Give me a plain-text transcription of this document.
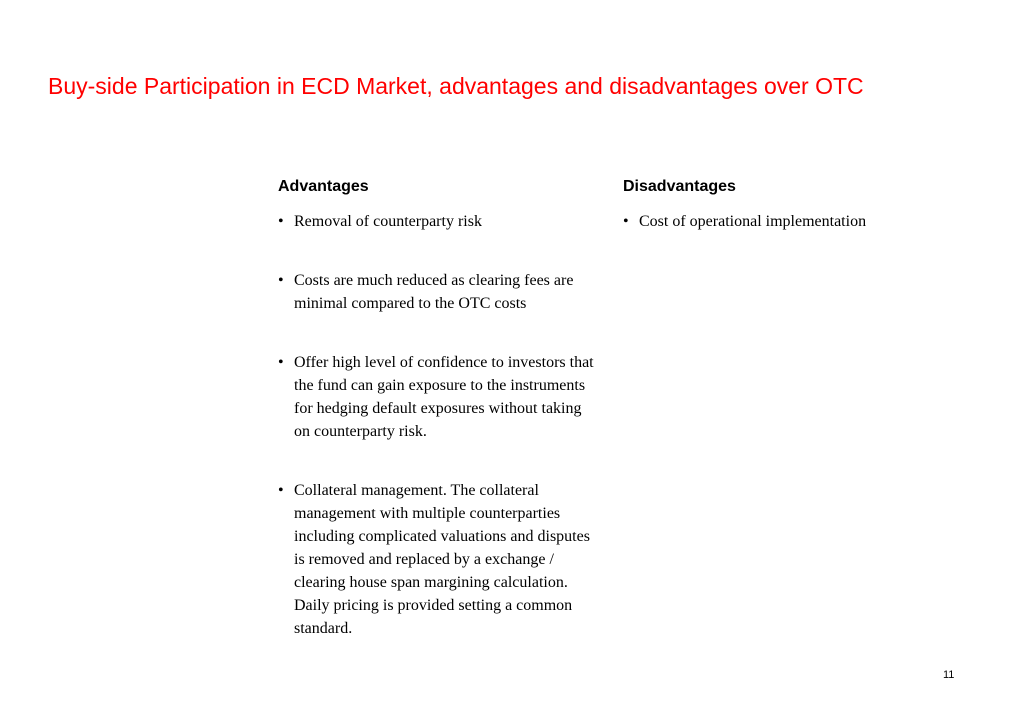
Buy-side Participation in ECD Market, advantages and disadvantages over OTC
Advantages
• Removal of counterparty risk
• Costs are much reduced as clearing fees are minimal compared to the OTC costs
• Offer high level of confidence to investors that the fund can gain exposure to the instruments for hedging default exposures without taking on counterparty risk.
• Collateral management. The collateral management with multiple counterparties including complicated valuations and disputes is removed and replaced by a exchange / clearing house span margining calculation. Daily pricing is provided setting a common standard.
Disadvantages
• Cost of operational implementation
11
